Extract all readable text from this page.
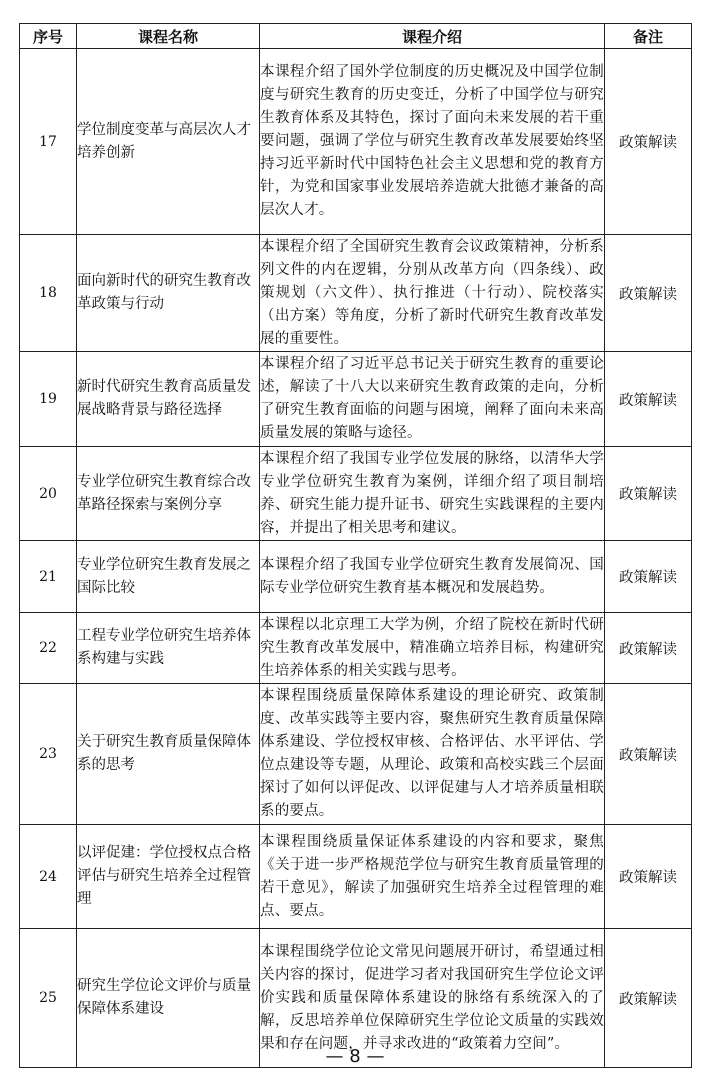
序号	课程名称	课程介绍	备注
17	学位制度变革与高层次人才培养创新	本课程介绍了国外学位制度的历史概况及中国学位制度与研究生教育的历史变迁，分析了中国学位与研究生教育体系及其特色，探讨了面向未来发展的若干重要问题，强调了学位与研究生教育改革发展要始终坚持习近平新时代中国特色社会主义思想和党的教育方针，为党和国家事业发展培养造就大批德才兼备的高层次人才。	政策解读
18	面向新时代的研究生教育改革政策与行动	本课程介绍了全国研究生教育会议政策精神，分析系列文件的内在逻辑，分别从改革方向（四条线）、政策规划（六文件）、执行推进（十行动）、院校落实（出方案）等角度，分析了新时代研究生教育改革发展的重要性。	政策解读
19	新时代研究生教育高质量发展战略背景与路径选择	本课程介绍了习近平总书记关于研究生教育的重要论述，解读了十八大以来研究生教育政策的走向，分析了研究生教育面临的问题与困境，阐释了面向未来高质量发展的策略与途径。	政策解读
20	专业学位研究生教育综合改革路径探索与案例分享	本课程介绍了我国专业学位发展的脉络，以清华大学专业学位研究生教育为案例，详细介绍了项目制培养、研究生能力提升证书、研究生实践课程的主要内容，并提出了相关思考和建议。	政策解读
21	专业学位研究生教育发展之国际比较	本课程介绍了我国专业学位研究生教育发展简况、国际专业学位研究生教育基本概况和发展趋势。	政策解读
22	工程专业学位研究生培养体系构建与实践	本课程以北京理工大学为例，介绍了院校在新时代研究生教育改革发展中，精准确立培养目标，构建研究生培养体系的相关实践与思考。	政策解读
23	关于研究生教育质量保障体系的思考	本课程围绕质量保障体系建设的理论研究、政策制度、改革实践等主要内容，聚焦研究生教育质量保障体系建设、学位授权审核、合格评估、水平评估、学位点建设等专题，从理论、政策和高校实践三个层面探讨了如何以评促改、以评促建与人才培养质量相联系的要点。	政策解读
24	以评促建：学位授权点合格评估与研究生培养全过程管理	本课程围绕质量保证体系建设的内容和要求，聚焦《关于进一步严格规范学位与研究生教育质量管理的若干意见》，解读了加强研究生培养全过程管理的难点、要点。	政策解读
25	研究生学位论文评价与质量保障体系建设	本课程围绕学位论文常见问题展开研讨，希望通过相关内容的探讨，促进学习者对我国研究生学位论文评价实践和质量保障体系建设的脉络有系统深入的了解，反思培养单位保障研究生学位论文质量的实践效果和存在问题，并寻求改进的“政策着力空间”。	政策解读
— 8 —
